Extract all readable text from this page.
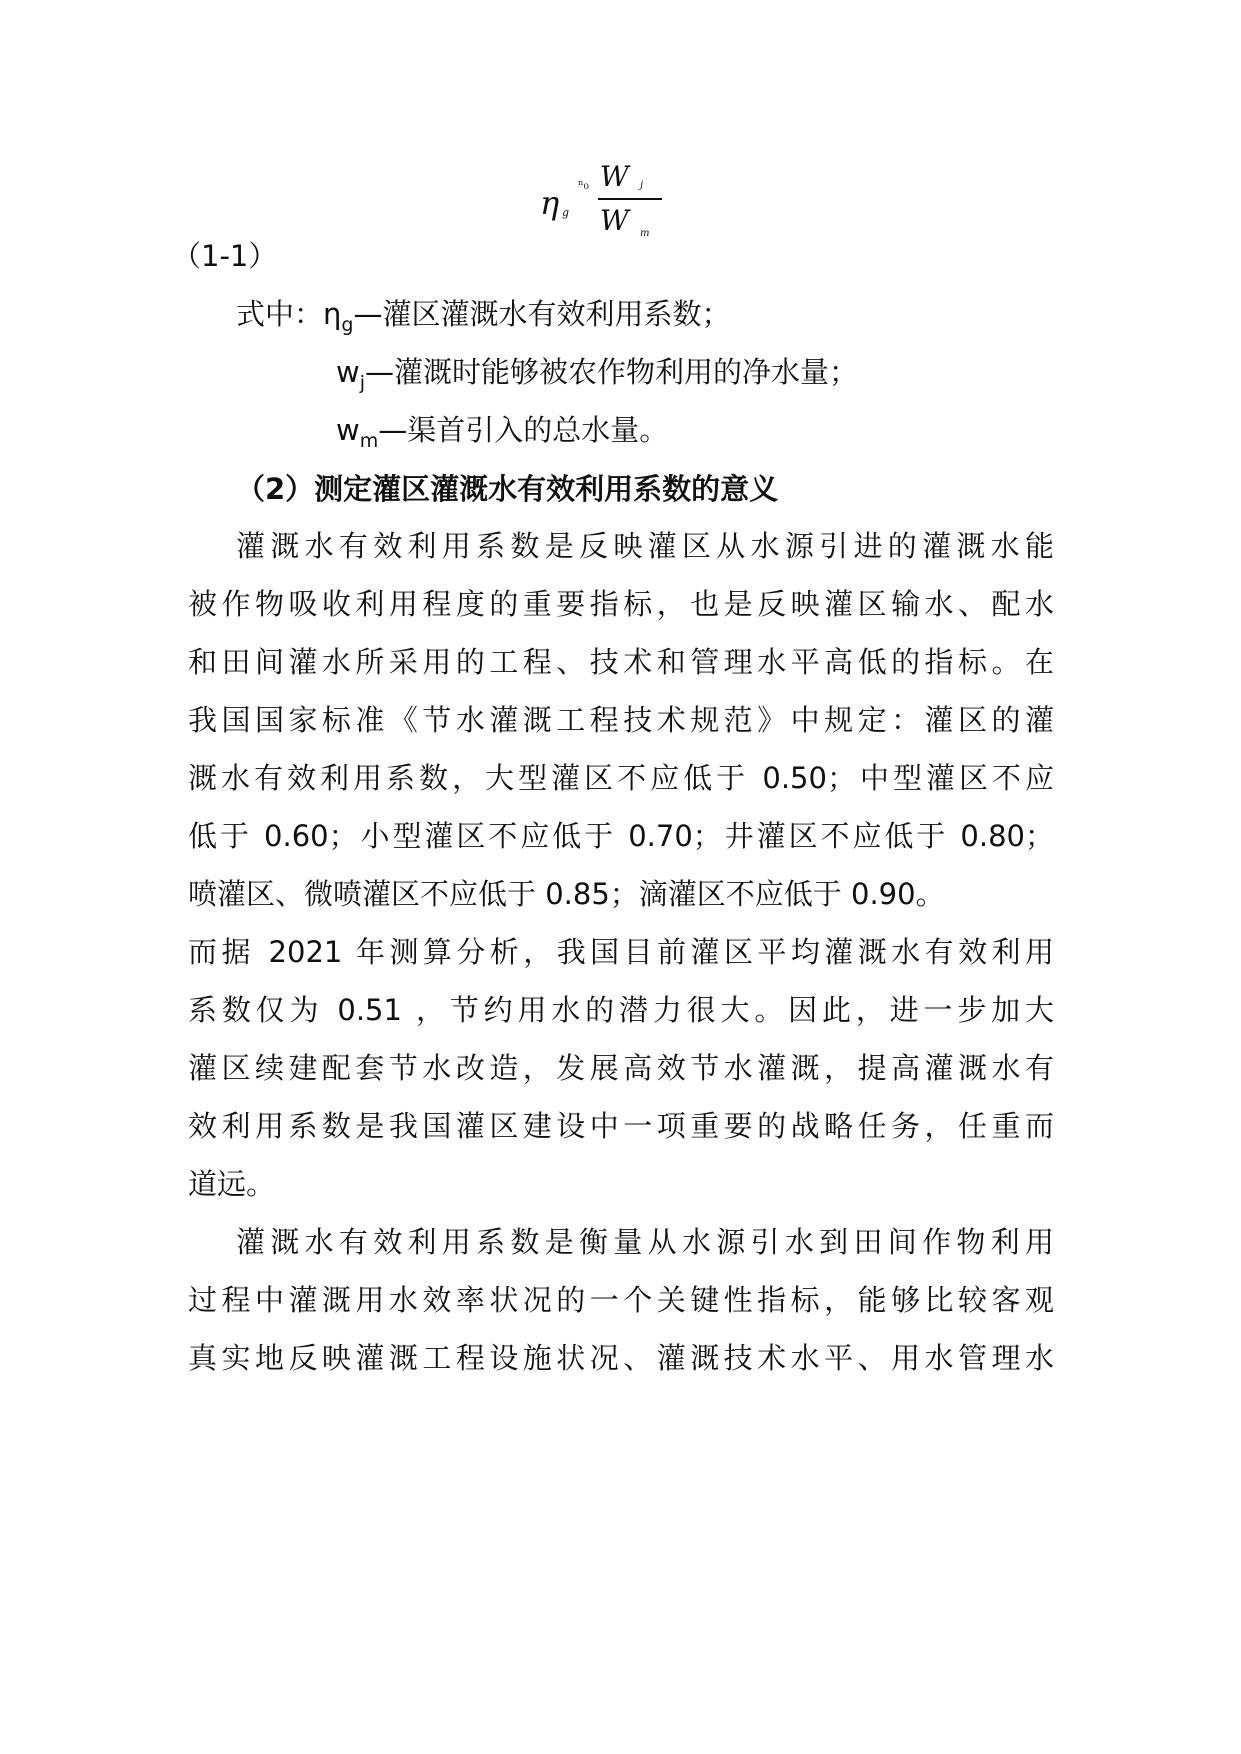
η g
ⁿ₀ W j
W m
（1-1）
式中：$\eta_g—$灌区灌溉水有效利用系数；
$w_j—$灌溉时能够被农作物利用的净水量；
$w_m—$渠首引入的总水量。
（2）测定灌区灌溉水有效利用系数的意义
灌溉水有效利用系数是反映灌区从水源引进的灌溉水能
被作物吸收利用程度的重要指标，也是反映灌区输水、配水
和田间灌水所采用的工程、技术和管理水平高低的指标。在
我国国家标准《节水灌溉工程技术规范》中规定：灌区的灌
溉水有效利用系数，大型灌区不应低于 0.50；中型灌区不应
低于 0.60；小型灌区不应低于 0.70；井灌区不应低于 0.80；
喷灌区、微喷灌区不应低于 0.85；滴灌区不应低于 0.90。
而据 2021 年测算分析，我国目前灌区平均灌溉水有效利用
系数仅为 0.51 ，节约用水的潜力很大。因此，进一步加大
灌区续建配套节水改造，发展高效节水灌溉，提高灌溉水有
效利用系数是我国灌区建设中一项重要的战略任务，任重而
道远。
灌溉水有效利用系数是衡量从水源引水到田间作物利用
过程中灌溉用水效率状况的一个关键性指标，能够比较客观
真实地反映灌溉工程设施状况、灌溉技术水平、用水管理水
